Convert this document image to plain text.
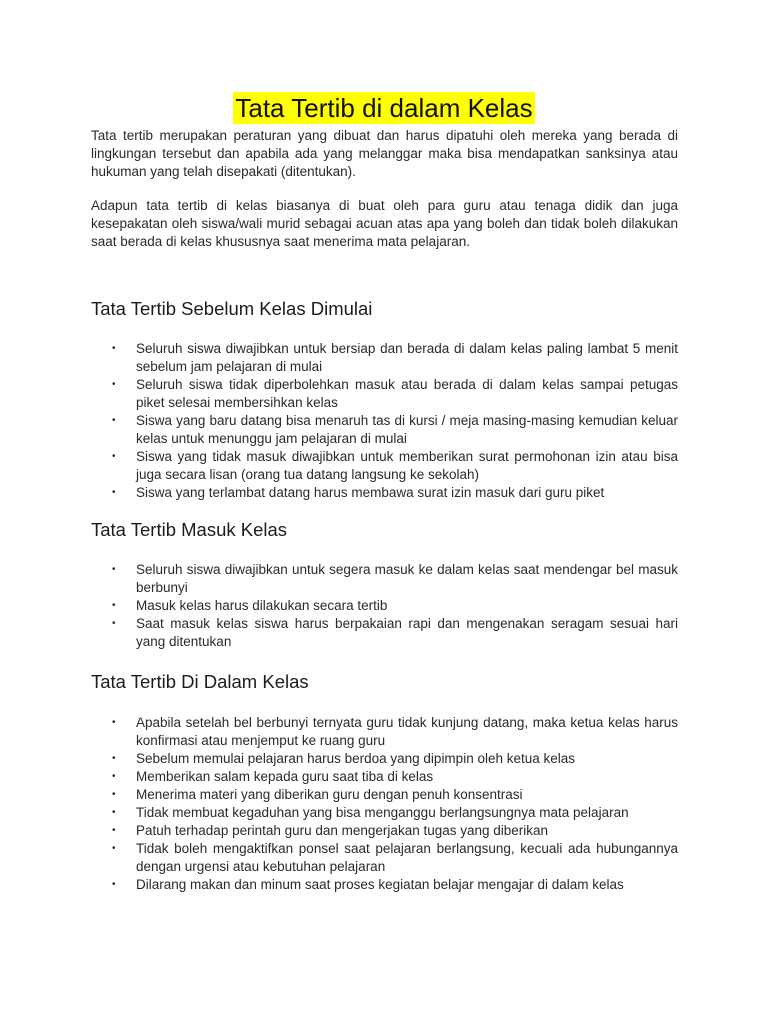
Tata Tertib di dalam Kelas

Tata tertib merupakan peraturan yang dibuat dan harus dipatuhi oleh mereka yang berada di lingkungan tersebut dan apabila ada yang melanggar maka bisa mendapatkan sanksinya atau hukuman yang telah disepakati (ditentukan).

Adapun tata tertib di kelas biasanya di buat oleh para guru atau tenaga didik dan juga kesepakatan oleh siswa/wali murid sebagai acuan atas apa yang boleh dan tidak boleh dilakukan saat berada di kelas khususnya saat menerima mata pelajaran.

Tata Tertib Sebelum Kelas Dimulai
• Seluruh siswa diwajibkan untuk bersiap dan berada di dalam kelas paling lambat 5 menit sebelum jam pelajaran di mulai
• Seluruh siswa tidak diperbolehkan masuk atau berada di dalam kelas sampai petugas piket selesai membersihkan kelas
• Siswa yang baru datang bisa menaruh tas di kursi / meja masing-masing kemudian keluar kelas untuk menunggu jam pelajaran di mulai
• Siswa yang tidak masuk diwajibkan untuk memberikan surat permohonan izin atau bisa juga secara lisan (orang tua datang langsung ke sekolah)
• Siswa yang terlambat datang harus membawa surat izin masuk dari guru piket
Tata Tertib Masuk Kelas
• Seluruh siswa diwajibkan untuk segera masuk ke dalam kelas saat mendengar bel masuk berbunyi
• Masuk kelas harus dilakukan secara tertib
• Saat masuk kelas siswa harus berpakaian rapi dan mengenakan seragam sesuai hari yang ditentukan
Tata Tertib Di Dalam Kelas
• Apabila setelah bel berbunyi ternyata guru tidak kunjung datang, maka ketua kelas harus konfirmasi atau menjemput ke ruang guru
• Sebelum memulai pelajaran harus berdoa yang dipimpin oleh ketua kelas
• Memberikan salam kepada guru saat tiba di kelas
• Menerima materi yang diberikan guru dengan penuh konsentrasi
• Tidak membuat kegaduhan yang bisa menganggu berlangsungnya mata pelajaran
• Patuh terhadap perintah guru dan mengerjakan tugas yang diberikan
• Tidak boleh mengaktifkan ponsel saat pelajaran berlangsung, kecuali ada hubungannya dengan urgensi atau kebutuhan pelajaran
• Dilarang makan dan minum saat proses kegiatan belajar mengajar di dalam kelas
